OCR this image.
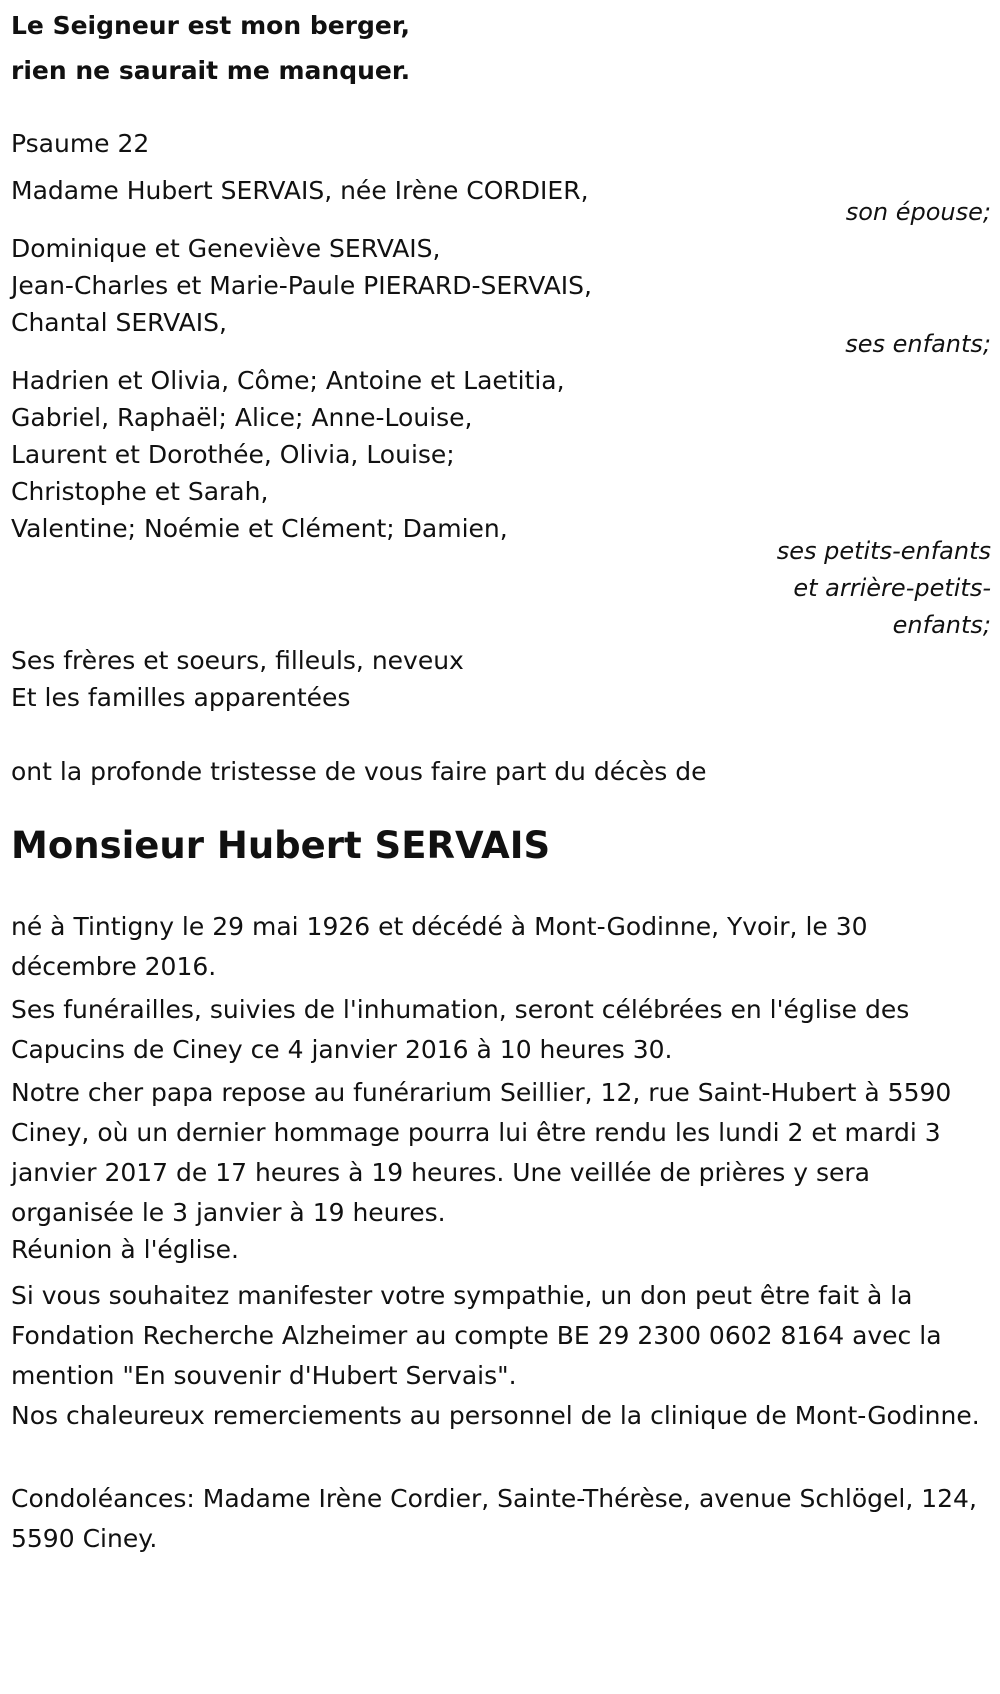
Le Seigneur est mon berger,
rien ne saurait me manquer.
Psaume 22
Madame Hubert SERVAIS, née Irène CORDIER,
son épouse;
Dominique et Geneviève SERVAIS,
Jean-Charles et Marie-Paule PIERARD-SERVAIS,
Chantal SERVAIS,
ses enfants;
Hadrien et Olivia, Côme; Antoine et Laetitia,
Gabriel, Raphaël; Alice; Anne-Louise,
Laurent et Dorothée, Olivia, Louise;
Christophe et Sarah,
Valentine; Noémie et Clément; Damien,
ses petits-enfants
et arrière-petits-
enfants;
Ses frères et soeurs, filleuls, neveux
Et les familles apparentées
ont la profonde tristesse de vous faire part du décès de
Monsieur Hubert SERVAIS
né à Tintigny le 29 mai 1926 et décédé à Mont-Godinne, Yvoir, le 30 décembre 2016.
Ses funérailles, suivies de l'inhumation, seront célébrées en l'église des Capucins de Ciney ce 4 janvier 2016 à 10 heures 30.
Notre cher papa repose au funérarium Seillier, 12, rue Saint-Hubert à 5590 Ciney, où un dernier hommage pourra lui être rendu les lundi 2 et mardi 3 janvier 2017 de 17 heures à 19 heures. Une veillée de prières y sera organisée le 3 janvier à 19 heures.
Réunion à l'église.
Si vous souhaitez manifester votre sympathie, un don peut être fait à la Fondation Recherche Alzheimer au compte BE 29 2300 0602 8164 avec la mention "En souvenir d'Hubert Servais".
Nos chaleureux remerciements au personnel de la clinique de Mont-Godinne.
Condoléances: Madame Irène Cordier, Sainte-Thérèse, avenue Schlögel, 124, 5590 Ciney.
